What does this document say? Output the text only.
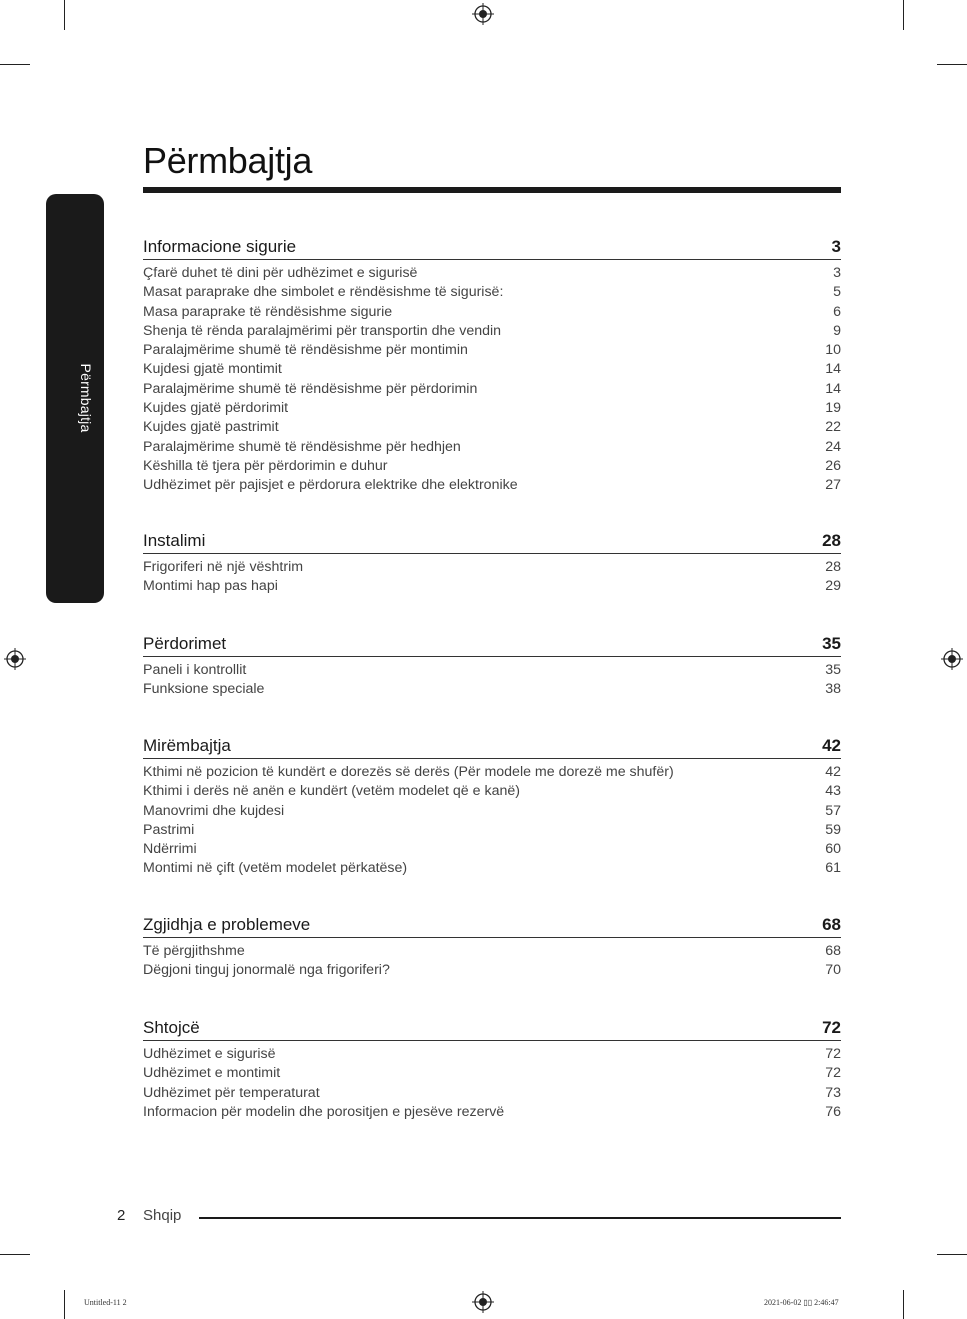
Përmbajtja
Përmbajtja
Informacione sigurie	3
Çfarë duhet të dini për udhëzimet e sigurisë	3
Masat paraprake dhe simbolet e rëndësishme të sigurisë:	5
Masa paraprake të rëndësishme sigurie	6
Shenja të rënda paralajmërimi për transportin dhe vendin	9
Paralajmërime shumë të rëndësishme për montimin	10
Kujdesi gjatë montimit	14
Paralajmërime shumë të rëndësishme për përdorimin	14
Kujdes gjatë përdorimit	19
Kujdes gjatë pastrimit	22
Paralajmërime shumë të rëndësishme për hedhjen	24
Këshilla të tjera për përdorimin e duhur	26
Udhëzimet për pajisjet e përdorura elektrike dhe elektronike	27
Instalimi	28
Frigoriferi në një vështrim	28
Montimi hap pas hapi	29
Përdorimet	35
Paneli i kontrollit	35
Funksione speciale	38
Mirëmbajtja	42
Kthimi në pozicion të kundërt e dorezës së derës (Për modele me dorezë me shufër)	42
Kthimi i derës në anën e kundërt (vetëm modelet që e kanë)	43
Manovrimi dhe kujdesi	57
Pastrimi	59
Ndërrimi	60
Montimi në çift (vetëm modelet përkatëse)	61
Zgjidhja e problemeve	68
Të përgjithshme	68
Dëgjoni tinguj jonormalë nga frigoriferi?	70
Shtojcë	72
Udhëzimet e sigurisë	72
Udhëzimet e montimit	72
Udhëzimet për temperaturat	73
Informacion për modelin dhe porositjen e pjesëve rezervë	76
2 Shqip
Untitled-11 2	2021-06-02 ▯▯ 2:46:47
